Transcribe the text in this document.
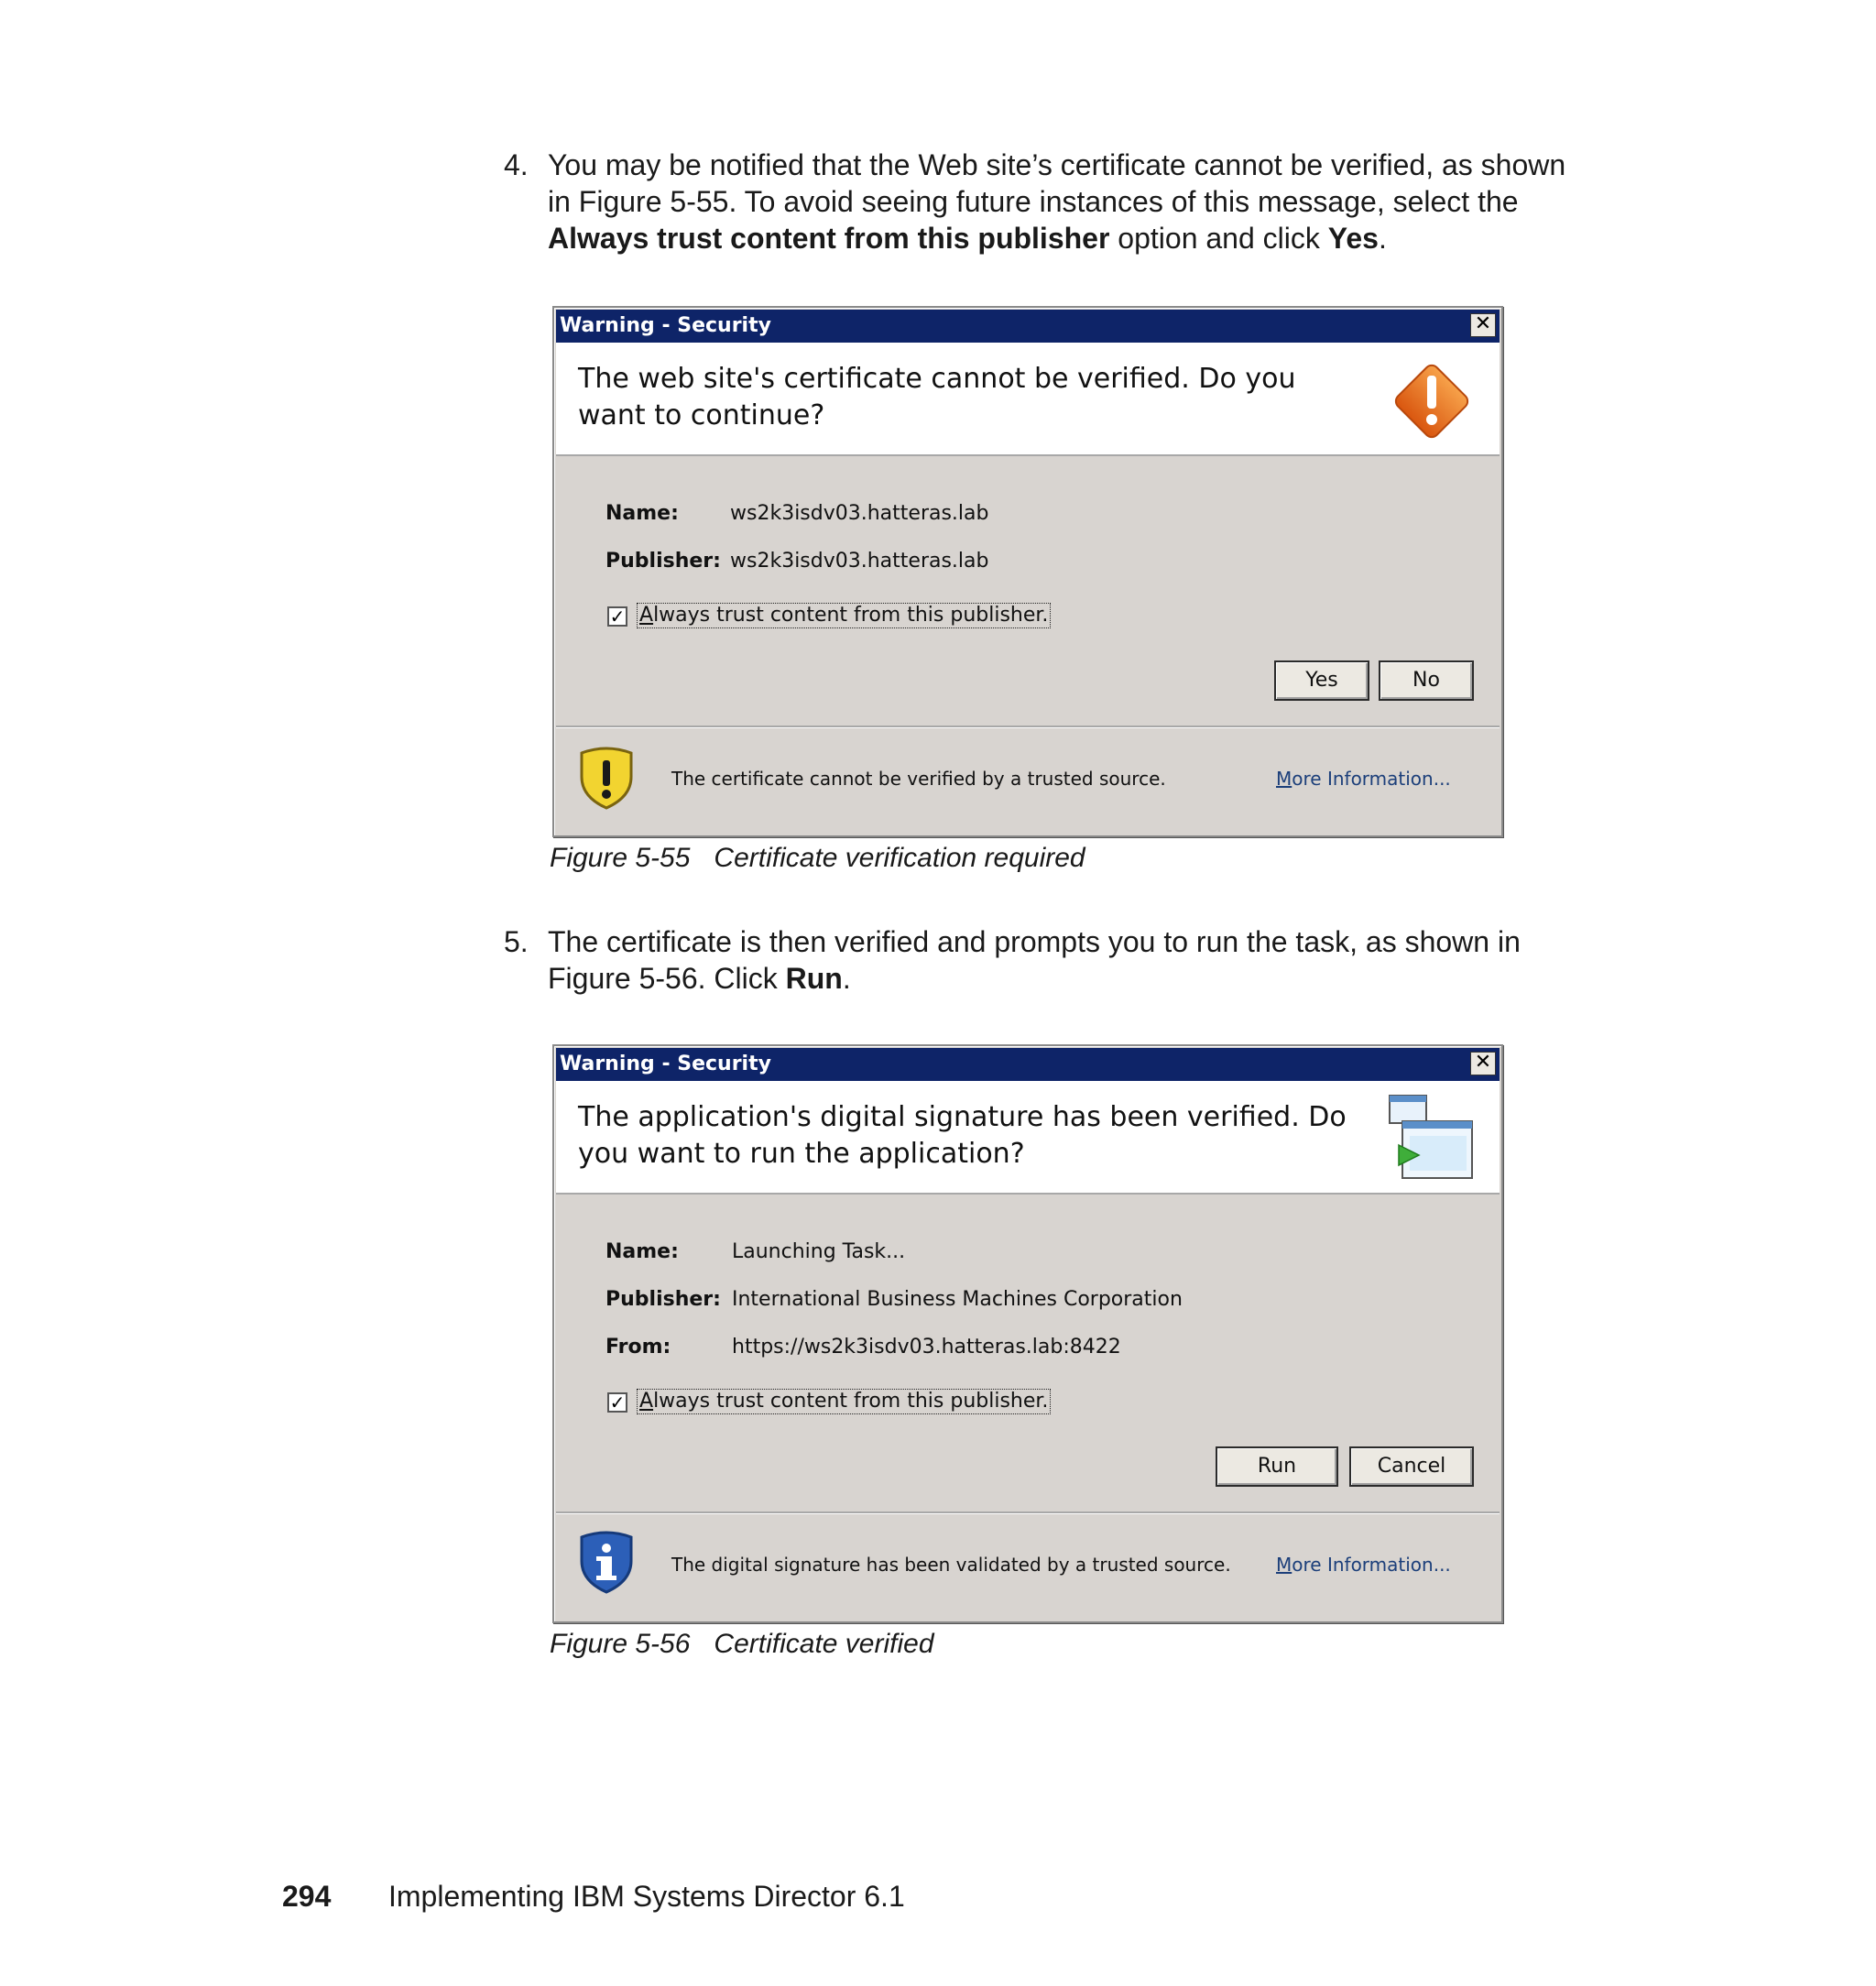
4. You may be notified that the Web site’s certificate cannot be verified, as shown in Figure 5-55. To avoid seeing future instances of this message, select the Always trust content from this publisher option and click Yes.
Warning - Security	✕
The web site's certificate cannot be verified. Do you want to continue?
Name:	ws2k3isdv03.hatteras.lab
Publisher: ws2k3isdv03.hatteras.lab
✓ Always trust content from this publisher.
Yes	No
The certificate cannot be verified by a trusted source.	More Information...
Figure 5-55 Certificate verification required
5. The certificate is then verified and prompts you to run the task, as shown in Figure 5-56. Click Run.
Warning - Security	✕
The application's digital signature has been verified. Do you want to run the application?
Name:	Launching Task...
Publisher: International Business Machines Corporation
From:	https://ws2k3isdv03.hatteras.lab:8422
✓ Always trust content from this publisher.
Run	Cancel
The digital signature has been validated by a trusted source. More Information...
Figure 5-56 Certificate verified
294 Implementing IBM Systems Director 6.1
